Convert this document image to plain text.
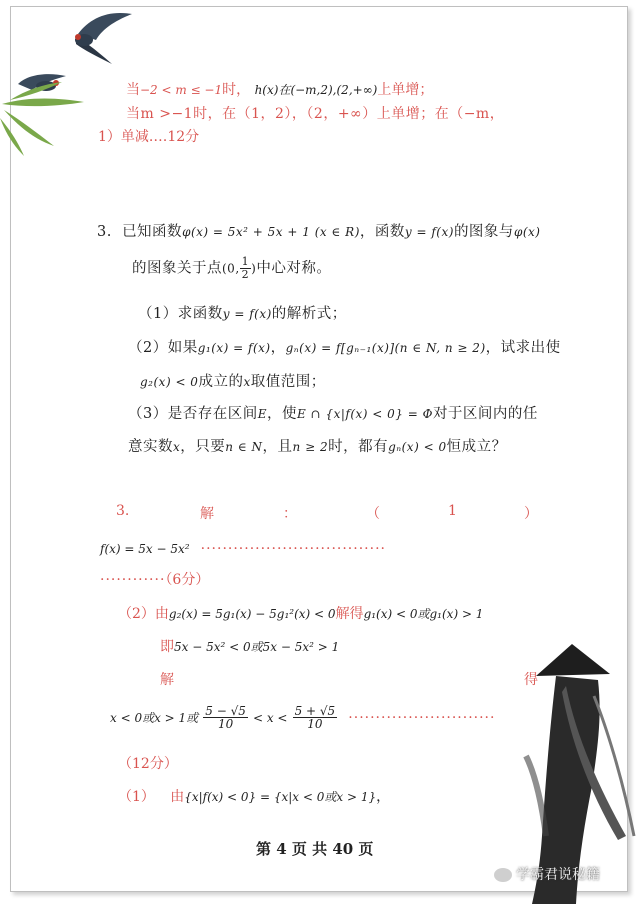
当−2 < m ≤ −1时， h(x)在(−m,2),(2,+∞)上单增；
当m >−1时，在（1，2），（2，+∞）上单增；在（−m，
1）单减.…12分
3. 已知函数φ(x) = 5x² + 5x + 1 (x ∈ R)，函数y = f(x)的图象与φ(x)
的图象关于点(0, $\frac{1}{2}$ )中心对称。
（1）求函数y = f(x)的解析式；
（2）如果g₁(x) = f(x)，gₙ(x) = f[gₙ₋₁(x)](n ∈ N, n ≥ 2)，试求出使
g₂(x) < 0成立的x取值范围；
（3）是否存在区间E，使E ∩ {x|f(x) < 0} = Φ对于区间内的任
意实数x，只要n ∈ N，且n ≥ 2时，都有gₙ(x) < 0恒成立？
3.	解	：	（	1	）
f(x) = 5x − 5x² ··································
············（6分）
（2）由g₂(x) = 5g₁(x) − 5g₁²(x) < 0解得g₁(x) < 0或g₁(x) > 1
即5x − 5x² < 0或5x − 5x² > 1
解	得
x < 0或x > 1或 $\frac{5 - √5}{10} < x < \frac{5 + √5}{10}$ ···························
（12分）
（1） 由{x|f(x) < 0} = {x|x < 0或x > 1}，
第 4 页 共 40 页
学霸君说秘籍
